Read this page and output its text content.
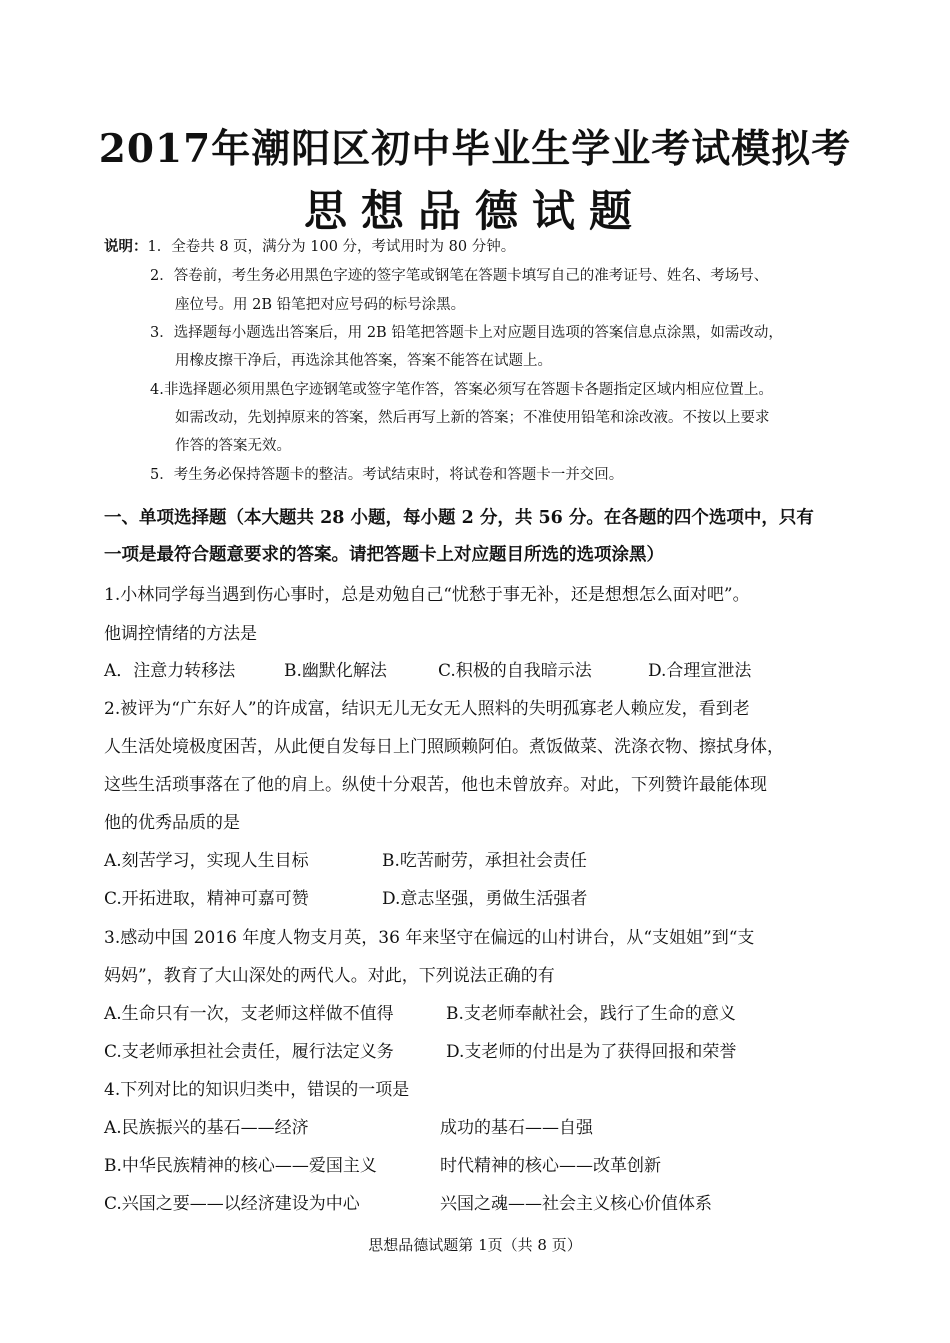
2017年潮阳区初中毕业生学业考试模拟考
思想品德试题
说明：1．全卷共 8 页，满分为 100 分，考试用时为 80 分钟。
2．答卷前，考生务必用黑色字迹的签字笔或钢笔在答题卡填写自己的准考证号、姓名、考场号、
座位号。用 2B 铅笔把对应号码的标号涂黑。
3．选择题每小题选出答案后，用 2B 铅笔把答题卡上对应题目选项的答案信息点涂黑，如需改动，
用橡皮擦干净后，再选涂其他答案，答案不能答在试题上。
4.非选择题必须用黑色字迹钢笔或签字笔作答，答案必须写在答题卡各题指定区域内相应位置上。
如需改动，先划掉原来的答案，然后再写上新的答案；不准使用铅笔和涂改液。不按以上要求
作答的答案无效。
5．考生务必保持答题卡的整洁。考试结束时，将试卷和答题卡一并交回。
一、单项选择题（本大题共 28 小题，每小题 2 分，共 56 分。在各题的四个选项中，只有
一项是最符合题意要求的答案。请把答题卡上对应题目所选的选项涂黑）
1.小林同学每当遇到伤心事时，总是劝勉自己“忧愁于事无补，还是想想怎么面对吧”。
他调控情绪的方法是
A．注意力转移法	B.幽默化解法	C.积极的自我暗示法	D.合理宣泄法
2.被评为“广东好人”的许成富，结识无儿无女无人照料的失明孤寡老人赖应发，看到老
人生活处境极度困苦，从此便自发每日上门照顾赖阿伯。煮饭做菜、洗涤衣物、擦拭身体，
这些生活琐事落在了他的肩上。纵使十分艰苦，他也未曾放弃。对此，下列赞许最能体现
他的优秀品质的是
A.刻苦学习，实现人生目标	B.吃苦耐劳，承担社会责任
C.开拓进取，精神可嘉可赞	D.意志坚强，勇做生活强者
3.感动中国 2016 年度人物支月英，36 年来坚守在偏远的山村讲台，从“支姐姐”到“支
妈妈”，教育了大山深处的两代人。对此，下列说法正确的有
A.生命只有一次，支老师这样做不值得	B.支老师奉献社会，践行了生命的意义
C.支老师承担社会责任，履行法定义务	D.支老师的付出是为了获得回报和荣誉
4.下列对比的知识归类中，错误的一项是
A.民族振兴的基石——经济	成功的基石——自强
B.中华民族精神的核心——爱国主义	时代精神的核心——改革创新
C.兴国之要——以经济建设为中心	兴国之魂——社会主义核心价值体系
思想品德试题第 1页（共 8 页）
